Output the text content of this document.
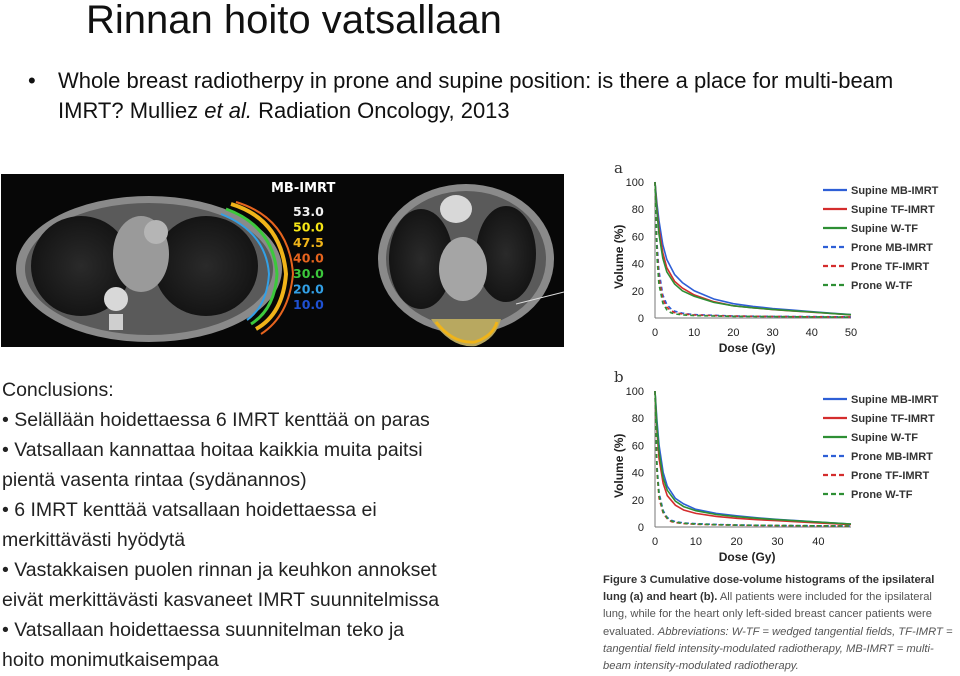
Rinnan hoito vatsallaan
•	Whole breast radiotherpy in prone and supine position: is there a place for multi-beam IMRT? Mulliez et al. Radiation Oncology, 2013
MB-IMRT
53.0
50.0
47.5
40.0
30.0
20.0
10.0
Conclusions:
• Selällään hoidettaessa 6 IMRT kenttää on paras
• Vatsallaan kannattaa hoitaa kaikkia muita paitsi
pientä vasenta rintaa (sydänannos)
• 6 IMRT kenttää vatsallaan hoidettaessa ei
merkittävästi hyödytä
• Vastakkaisen puolen rinnan ja keuhkon annokset
eivät merkittävästi kasvaneet IMRT suunnitelmissa
• Vatsallaan hoidettaessa suunnitelman teko ja
hoito monimutkaisempaa
a
0
20
40
60
80
100
0	10 20 30 40 50
Dose (Gy)
Volume (%)
Supine MB-IMRT
Supine TF-IMRT
Supine W-TF
Prone MB-IMRT
Prone TF-IMRT
Prone W-TF
b
0
20
40
60
80
100
0	10	20	30	40
Dose (Gy)
Volume (%)
Supine MB-IMRT
Supine TF-IMRT
Supine W-TF
Prone MB-IMRT
Prone TF-IMRT
Prone W-TF
Figure 3 Cumulative dose-volume histograms of the ipsilateral lung (a) and heart (b). All patients were included for the ipsilateral lung, while for the heart only left-sided breast cancer patients were evaluated. Abbreviations: W-TF = wedged tangential fields, TF-IMRT = tangential field intensity-modulated radiotherapy, MB-IMRT = multi-beam intensity-modulated radiotherapy.
